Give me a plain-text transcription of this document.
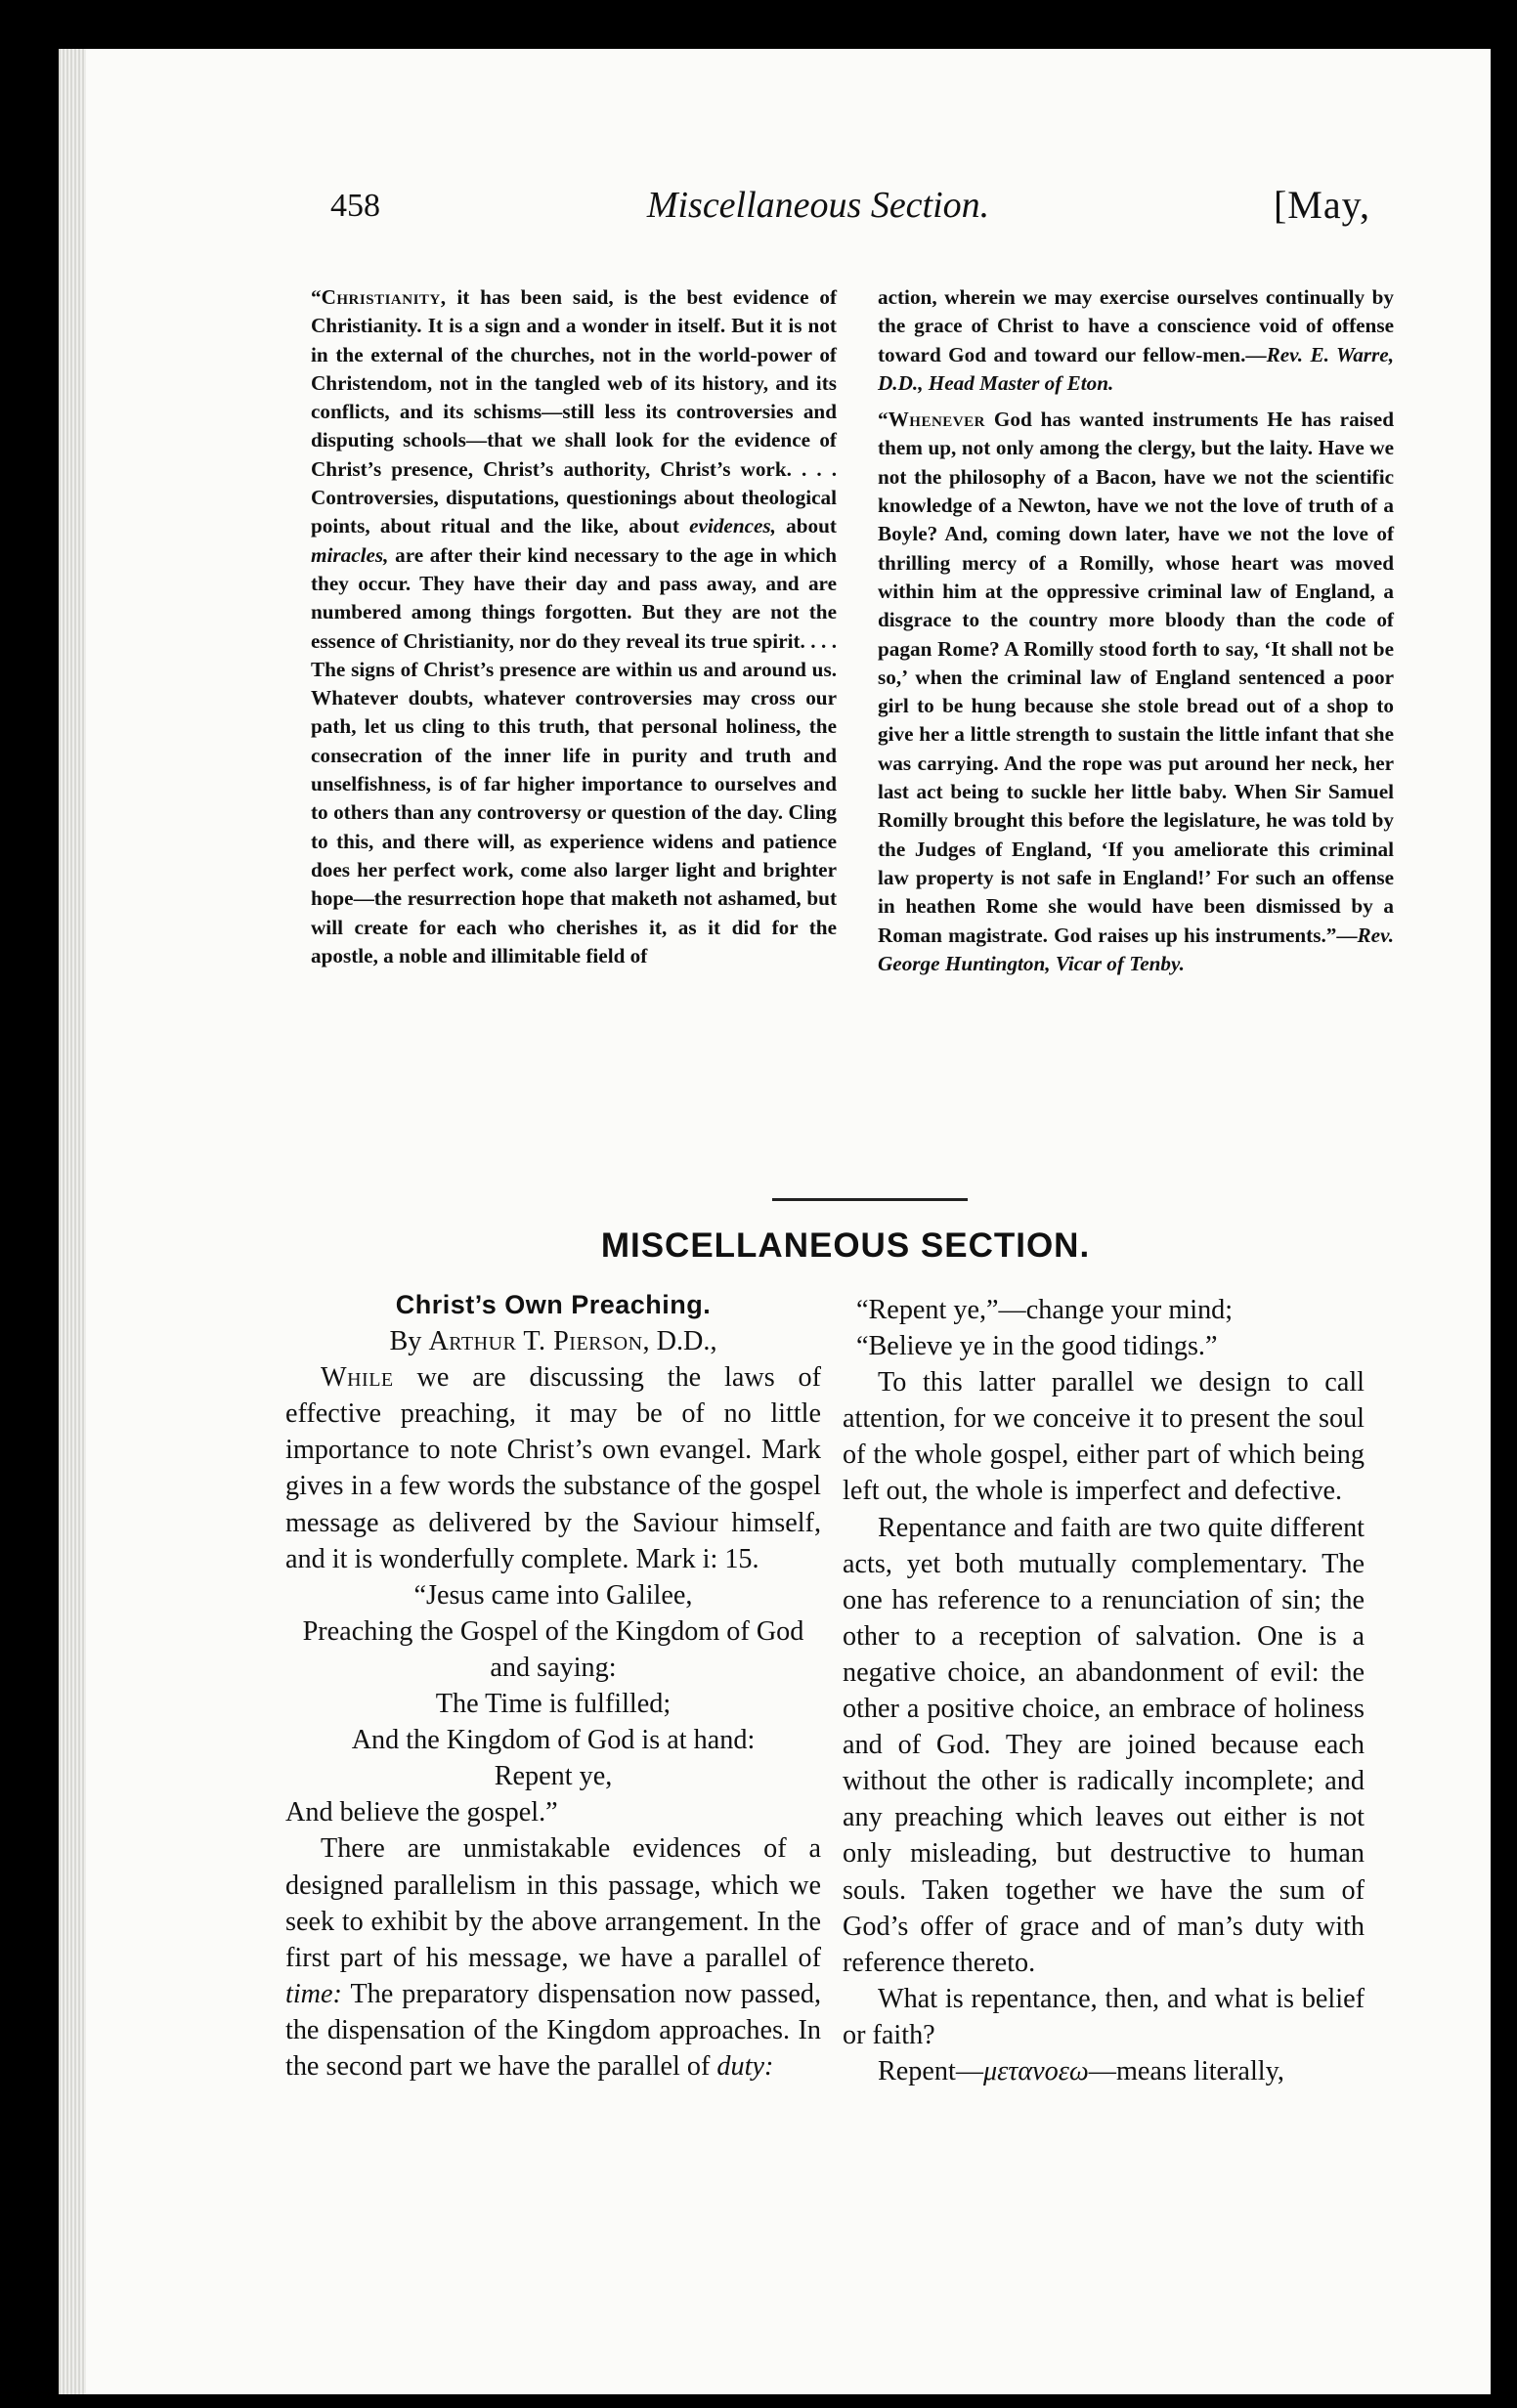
458	Miscellaneous Section.	[May,

“Christianity, it has been said, is the best evidence of Christianity. It is a sign and a wonder in itself. But it is not in the external of the churches, not in the world-power of Christendom, not in the tangled web of its history, and its conflicts, and its schisms—still less its controversies and disputing schools—that we shall look for the evidence of Christ’s presence, Christ’s authority, Christ’s work. . . . Controversies, disputations, questionings about theological points, about ritual and the like, about evidences, about miracles, are after their kind necessary to the age in which they occur. They have their day and pass away, and are numbered among things forgotten. But they are not the essence of Christianity, nor do they reveal its true spirit. . . . The signs of Christ’s presence are within us and around us. Whatever doubts, whatever controversies may cross our path, let us cling to this truth, that personal holiness, the consecration of the inner life in purity and truth and unselfishness, is of far higher importance to ourselves and to others than any controversy or question of the day. Cling to this, and there will, as experience widens and patience does her perfect work, come also larger light and brighter hope—the resurrection hope that maketh not ashamed, but will create for each who cherishes it, as it did for the apostle, a noble and illimitable field of

action, wherein we may exercise ourselves continually by the grace of Christ to have a conscience void of offense toward God and toward our fellow-men.—Rev. E. Warre, D.D., Head Master of Eton.

“Whenever God has wanted instruments He has raised them up, not only among the clergy, but the laity. Have we not the philosophy of a Bacon, have we not the scientific knowledge of a Newton, have we not the love of truth of a Boyle? And, coming down later, have we not the love of thrilling mercy of a Romilly, whose heart was moved within him at the oppressive criminal law of England, a disgrace to the country more bloody than the code of pagan Rome? A Romilly stood forth to say, ‘It shall not be so,’ when the criminal law of England sentenced a poor girl to be hung because she stole bread out of a shop to give her a little strength to sustain the little infant that she was carrying. And the rope was put around her neck, her last act being to suckle her little baby. When Sir Samuel Romilly brought this before the legislature, he was told by the Judges of England, ‘If you ameliorate this criminal law property is not safe in England!’ For such an offense in heathen Rome she would have been dismissed by a Roman magistrate. God raises up his instruments.”—Rev. George Huntington, Vicar of Tenby.

MISCELLANEOUS SECTION.

Christ’s Own Preaching.

By Arthur T. Pierson, D.D.,

While we are discussing the laws of effective preaching, it may be of no little importance to note Christ’s own evangel. Mark gives in a few words the substance of the gospel message as delivered by the Saviour himself, and it is wonderfully complete. Mark i: 15.

“Jesus came into Galilee,

Preaching the Gospel of the Kingdom of God and saying:

The Time is fulfilled;

And the Kingdom of God is at hand:

Repent ye,

And believe the gospel.”

There are unmistakable evidences of a designed parallelism in this passage, which we seek to exhibit by the above arrangement. In the first part of his message, we have a parallel of time: The preparatory dispensation now passed, the dispensation of the Kingdom approaches. In the second part we have the parallel of duty:

“Repent ye,”—change your mind;

“Believe ye in the good tidings.”

To this latter parallel we design to call attention, for we conceive it to present the soul of the whole gospel, either part of which being left out, the whole is imperfect and defective.

Repentance and faith are two quite different acts, yet both mutually complementary. The one has reference to a renunciation of sin; the other to a reception of salvation. One is a negative choice, an abandonment of evil: the other a positive choice, an embrace of holiness and of God. They are joined because each without the other is radically incomplete; and any preaching which leaves out either is not only misleading, but destructive to human souls. Taken together we have the sum of God’s offer of grace and of man’s duty with reference thereto.

What is repentance, then, and what is belief or faith?

Repent—μετανοεω—means literally,
